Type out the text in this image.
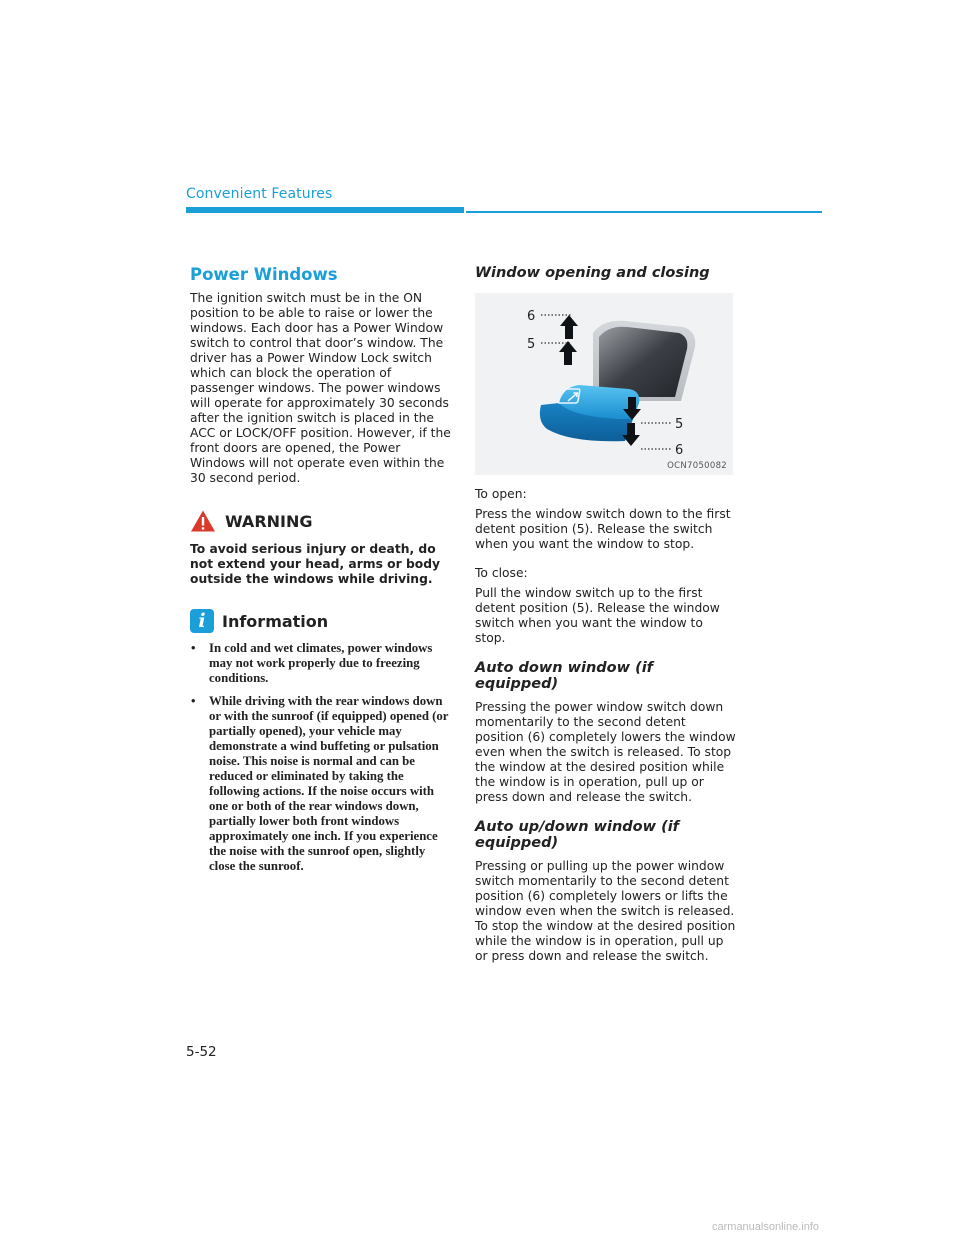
Convenient Features
Power Windows

The ignition switch must be in the ON position to be able to raise or lower the windows. Each door has a Power Window switch to control that door’s window. The driver has a Power Window Lock switch which can block the operation of passenger windows. The power windows will operate for approximately 30 seconds after the ignition switch is placed in the ACC or LOCK/OFF position. However, if the front doors are opened, the Power Windows will not operate even within the 30 second period.

WARNING

To avoid serious injury or death, do not extend your head, arms or body outside the windows while driving.

i	Information
• In cold and wet climates, power windows may not work properly due to freezing conditions.
• While driving with the rear windows down or with the sunroof (if equipped) opened (or partially opened), your vehicle may demonstrate a wind buffeting or pulsation noise. This noise is normal and can be reduced or eliminated by taking the following actions. If the noise occurs with one or both of the rear windows down, partially lower both front windows approximately one inch. If you experience the noise with the sunroof open, slightly close the sunroof.
Window opening and closing
6
5
5
6
OCN7050082

To open:

Press the window switch down to the first detent position (5). Release the switch when you want the window to stop.

To close:

Pull the window switch up to the first detent position (5). Release the window switch when you want the window to stop.

Auto down window (if equipped)

Pressing the power window switch down momentarily to the second detent position (6) completely lowers the window even when the switch is released. To stop the window at the desired position while the window is in operation, pull up or press down and release the switch.

Auto up/down window (if equipped)

Pressing or pulling up the power window switch momentarily to the second detent position (6) completely lowers or lifts the window even when the switch is released. To stop the window at the desired position while the window is in operation, pull up or press down and release the switch.

5-52
carmanualsonline.info
